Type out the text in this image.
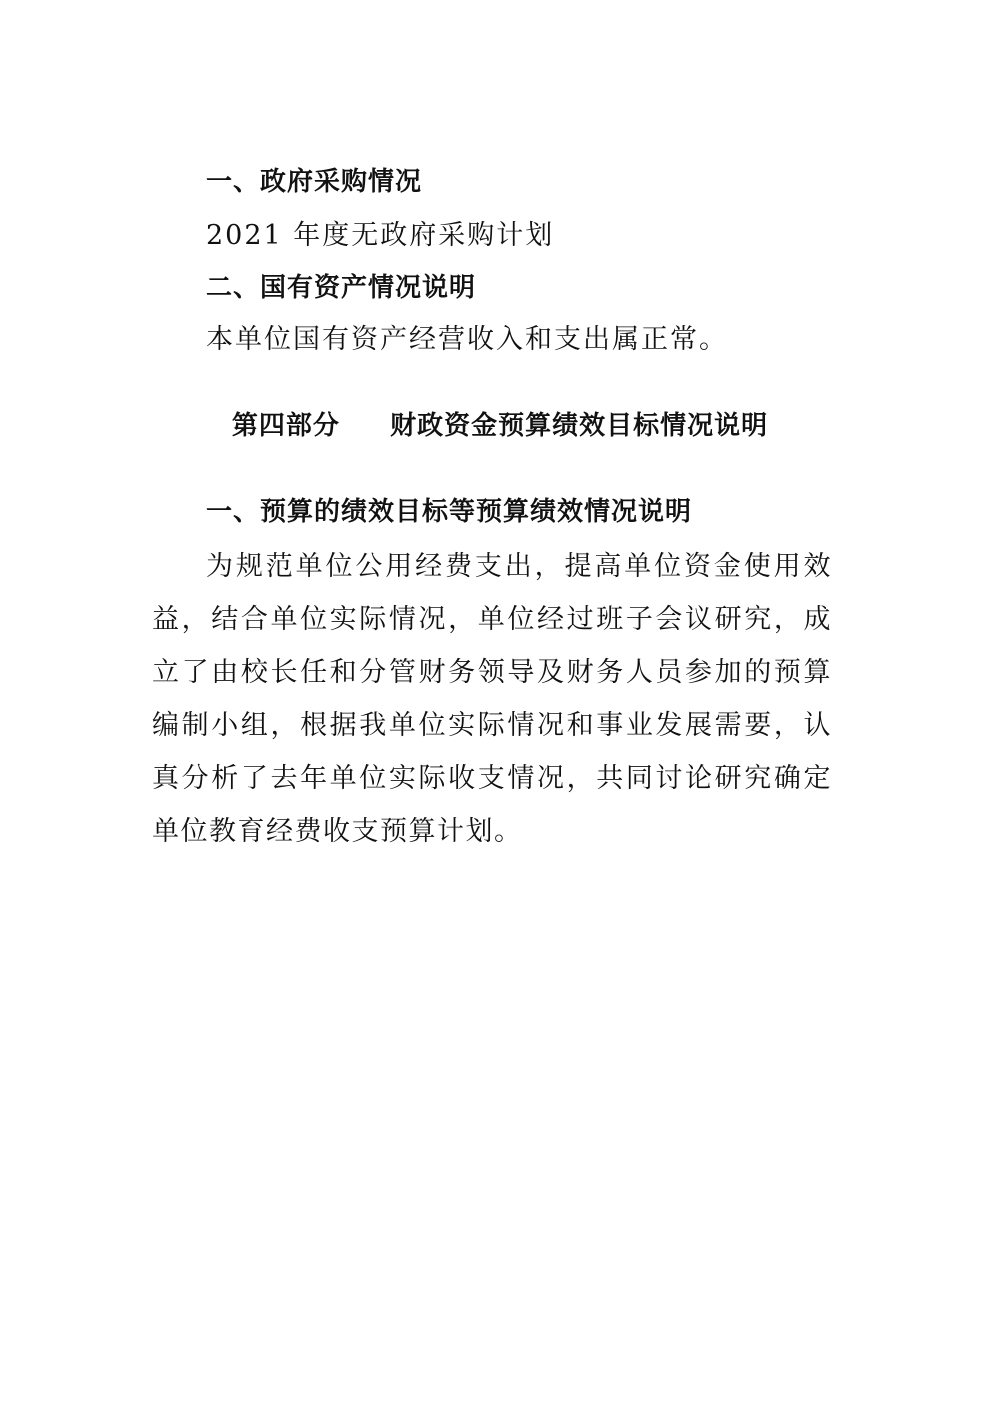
一、政府采购情况
2021 年度无政府采购计划
二、国有资产情况说明
本单位国有资产经营收入和支出属正常。
第四部分     财政资金预算绩效目标情况说明
一、预算的绩效目标等预算绩效情况说明
为规范单位公用经费支出，提高单位资金使用效益，结合单位实际情况，单位经过班子会议研究，成立了由校长任和分管财务领导及财务人员参加的预算编制小组，根据我单位实际情况和事业发展需要，认真分析了去年单位实际收支情况，共同讨论研究确定单位教育经费收支预算计划。
